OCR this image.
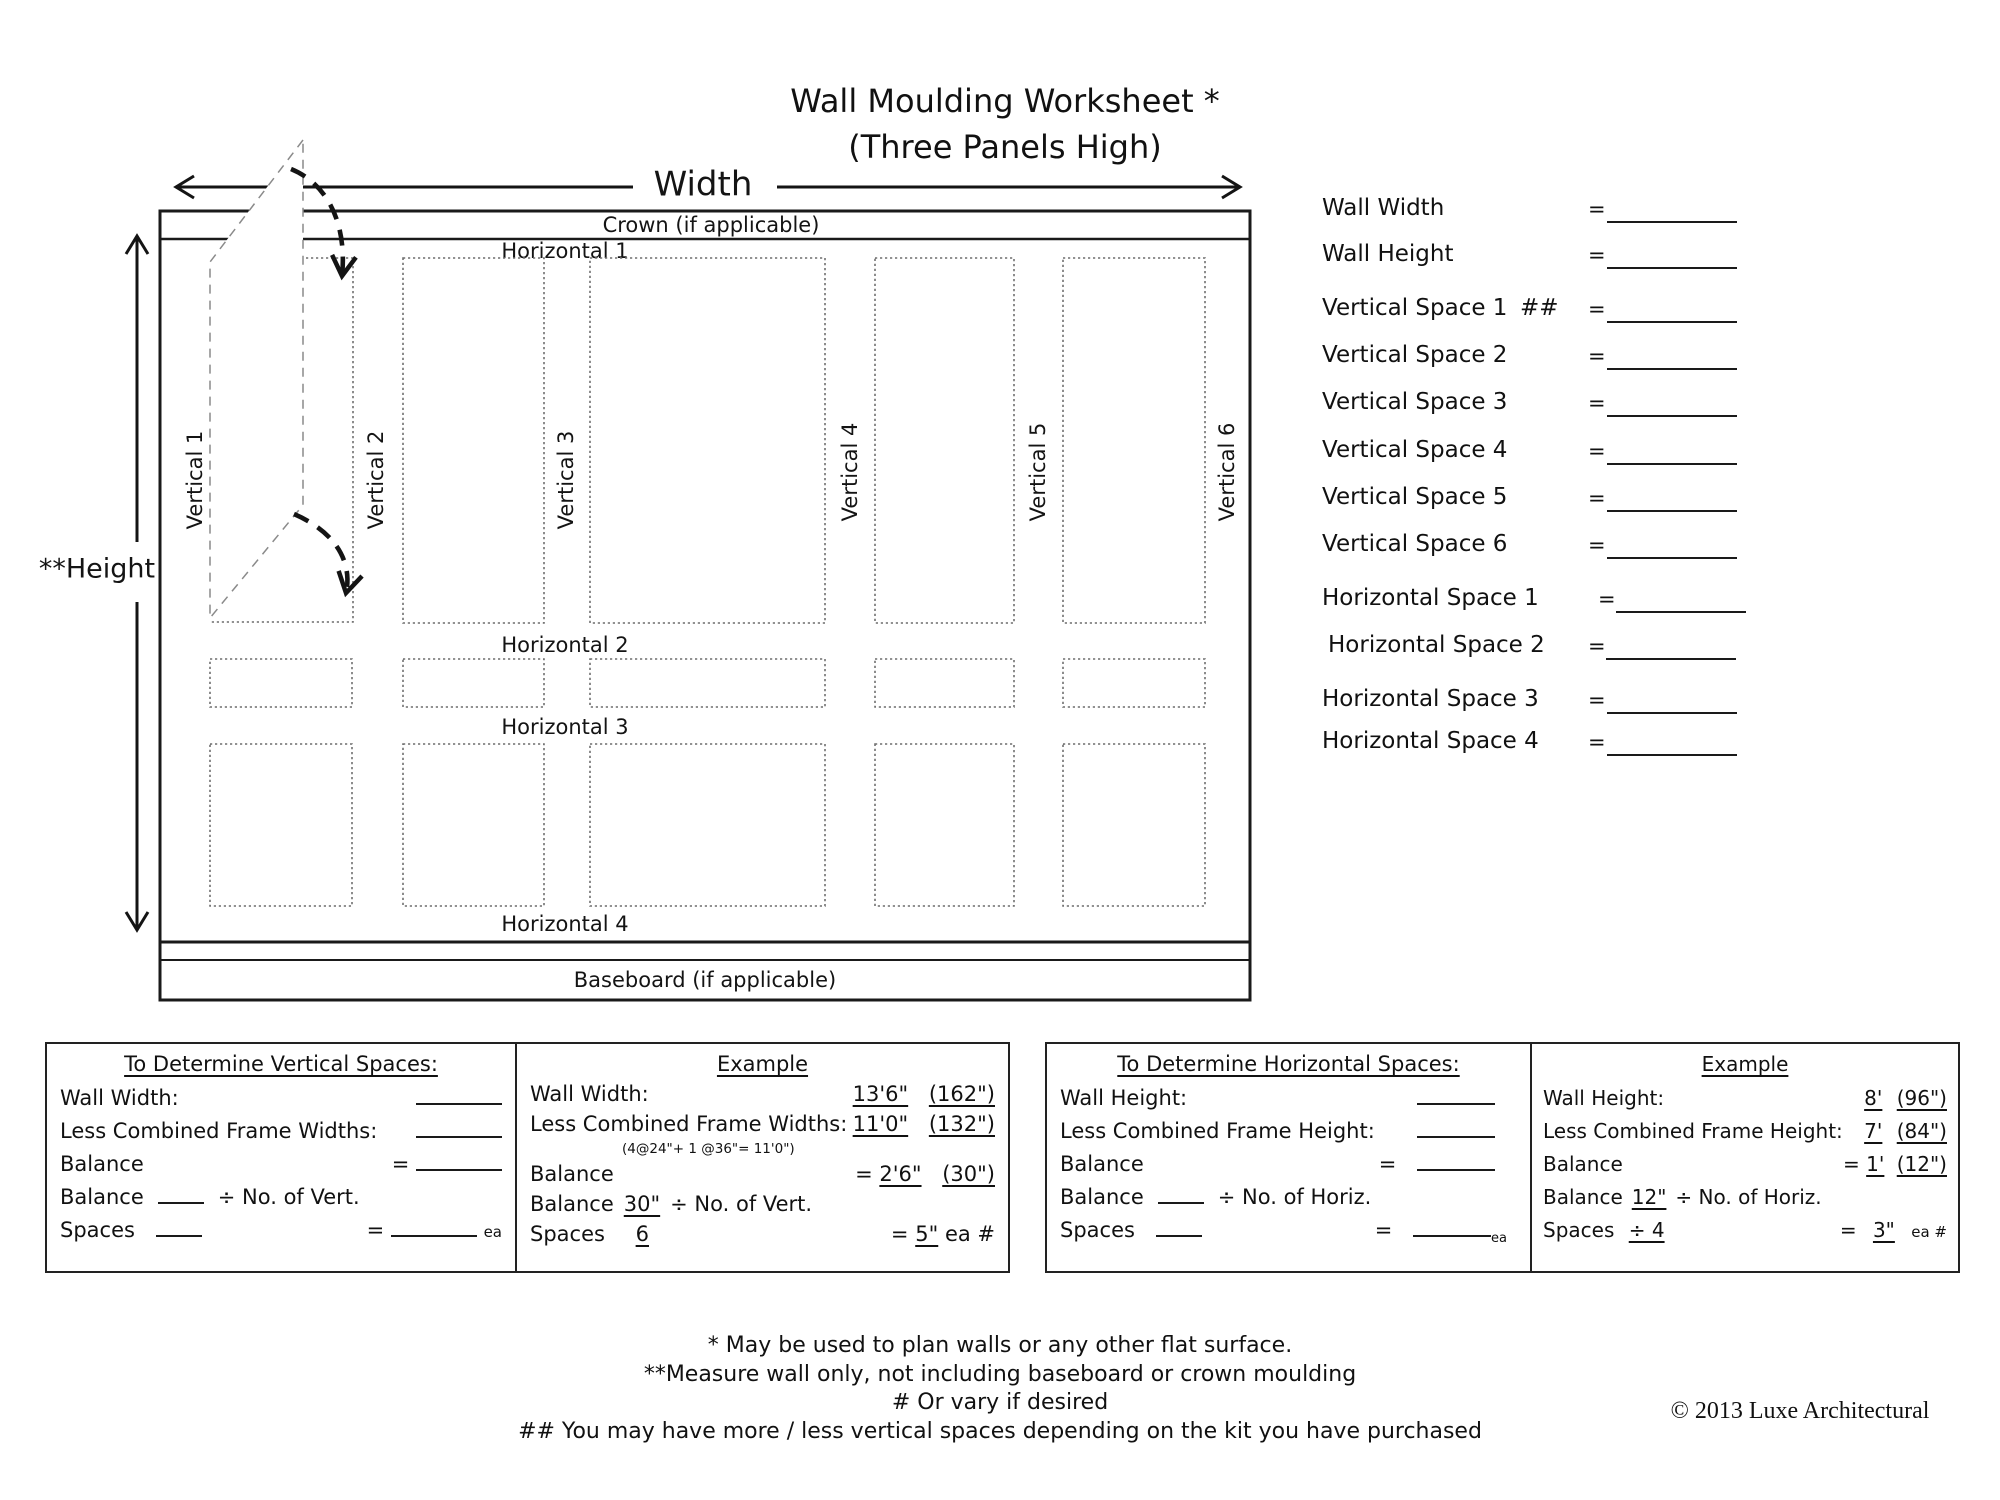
Wall Moulding Worksheet *
(Three Panels High)
Width
**Height
Crown (if applicable)
Baseboard (if applicable)
Horizontal 1
Horizontal 2
Horizontal 3
Horizontal 4
Vertical 1	Vertical 2	Vertical 3	Vertical 4	Vertical 5	Vertical 6
Wall Width	=
Wall Height	=
Vertical Space 1 ## =
Vertical Space 2	=
Vertical Space 3	=
Vertical Space 4	=
Vertical Space 5	=
Vertical Space 6	=
Horizontal Space 1	=
Horizontal Space 2 =
Horizontal Space 3 =
Horizontal Space 4 =
To Determine Vertical Spaces:
Wall Width:
Less Combined Frame Widths:
Balance	=
Balance	÷ No. of Vert.
Spaces	=	ea
Example
Wall Width:	13'6" (162")
Less Combined Frame Widths: 11'0" (132")
(4@24"+ 1 @36"= 11'0")
Balance	= 2'6" (30")
Balance 30" ÷ No. of Vert.
Spaces 6	= 5" ea #
To Determine Horizontal Spaces:
Wall Height:
Less Combined Frame Height:
Balance	=
Balance	÷ No. of Horiz.
Spaces	=	$_{ea}$
Example
Wall Height:	8' (96")
Less Combined Frame Height: 7' (84")
Balance	= 1' (12")
Balance 12" ÷ No. of Horiz.
Spaces ÷ 4	= 3" ea #
* May be used to plan walls or any other flat surface.
**Measure wall only, not including baseboard or crown moulding
# Or vary if desired
## You may have more / less vertical spaces depending on the kit you have purchased
© 2013 Luxe Architectural
